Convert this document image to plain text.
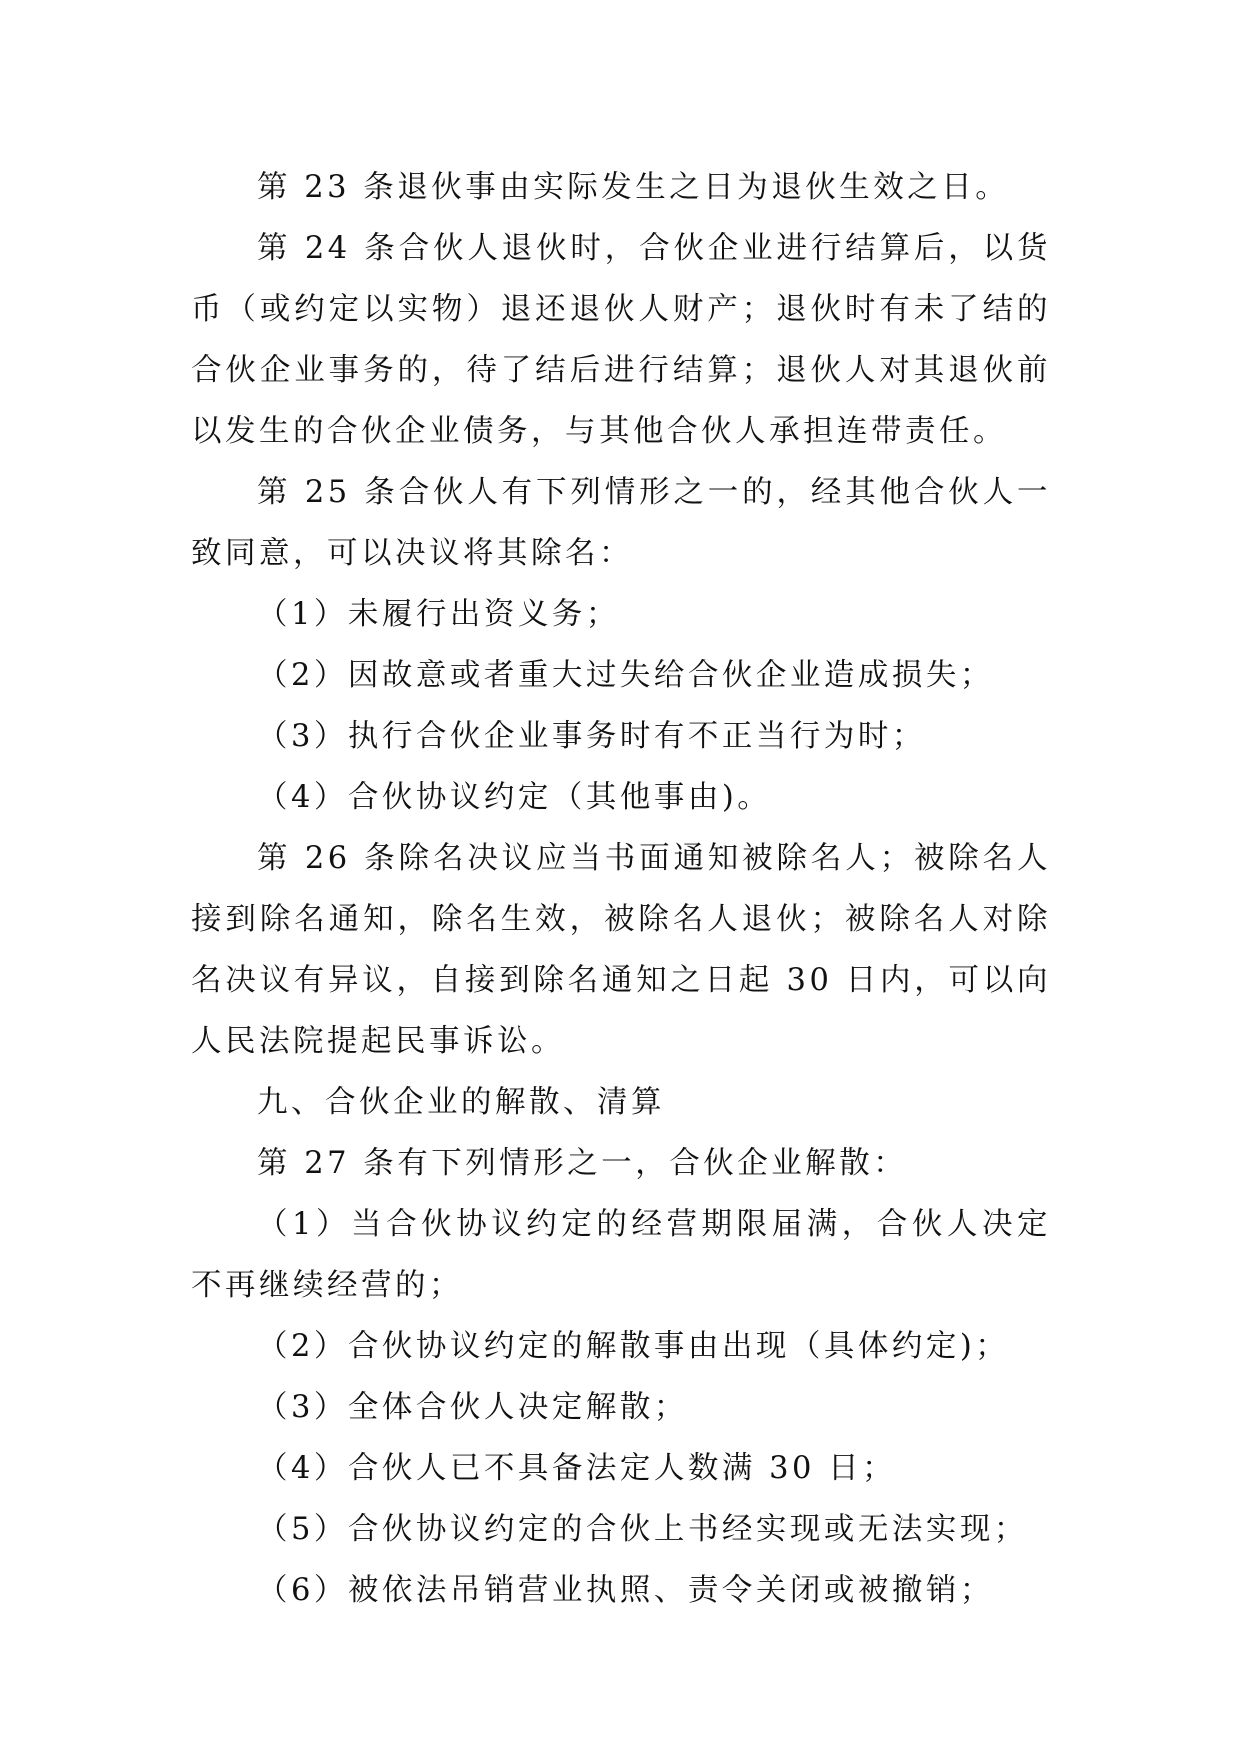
第 23 条退伙事由实际发生之日为退伙生效之日。

第 24 条合伙人退伙时，合伙企业进行结算后，以货币（或约定以实物）退还退伙人财产；退伙时有未了结的合伙企业事务的，待了结后进行结算；退伙人对其退伙前以发生的合伙企业债务，与其他合伙人承担连带责任。

第 25 条合伙人有下列情形之一的，经其他合伙人一致同意，可以决议将其除名：

（1）未履行出资义务；

（2）因故意或者重大过失给合伙企业造成损失；

（3）执行合伙企业事务时有不正当行为时；

（4）合伙协议约定（其他事由)。

第 26 条除名决议应当书面通知被除名人；被除名人接到除名通知，除名生效，被除名人退伙；被除名人对除名决议有异议，自接到除名通知之日起 30 日内，可以向人民法院提起民事诉讼。

九、合伙企业的解散、清算

第 27 条有下列情形之一，合伙企业解散：

（1）当合伙协议约定的经营期限届满，合伙人决定不再继续经营的；

（2）合伙协议约定的解散事由出现（具体约定)；

（3）全体合伙人决定解散；

（4）合伙人已不具备法定人数满 30 日；

（5）合伙协议约定的合伙上书经实现或无法实现；

（6）被依法吊销营业执照、责令关闭或被撤销；
